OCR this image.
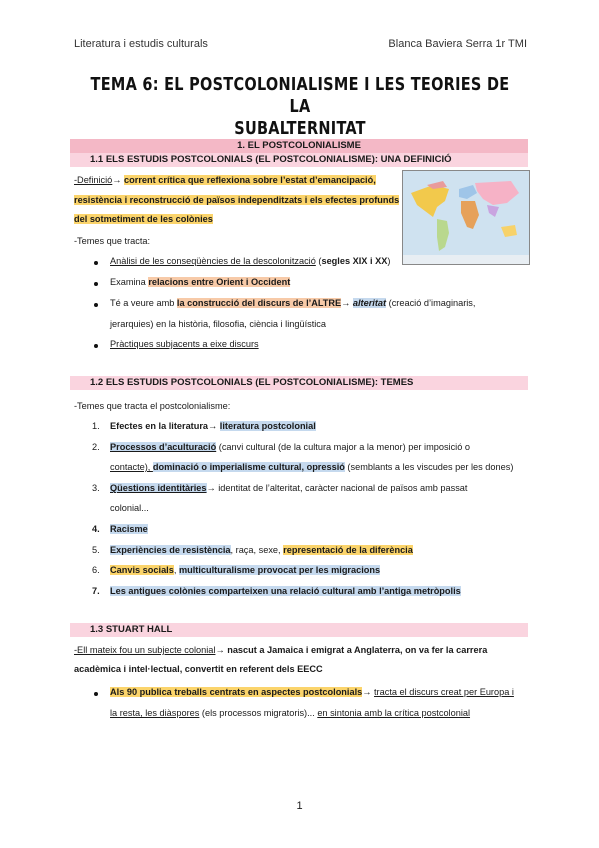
Literatura i estudis culturals	Blanca Baviera Serra 1r TMI
TEMA 6: EL POSTCOLONIALISME I LES TEORIES DE LA
SUBALTERNITAT
1. EL POSTCOLONIALISME
1.1 ELS ESTUDIS POSTCOLONIALS (EL POSTCOLONIALISME): UNA DEFINICIÓ
-Definició→ corrent crítica que reflexiona sobre l’estat d’emancipació,
resistència i reconstrucció de països independitzats i els efectes profunds
del sotmetiment de les colònies
-Temes que tracta:
Anàlisi de les conseqüències de la descolonització (segles XIX i XX)
Examina relacions entre Orient i Occident
Té a veure amb la construcció del discurs de l’ALTRE→ alteritat (creació d’imaginaris,
jerarquies) en la història, filosofia, ciència i lingüística
Pràctiques subjacents a eixe discurs
1.2 ELS ESTUDIS POSTCOLONIALS (EL POSTCOLONIALISME): TEMES
-Temes que tracta el postcolonialisme:
1. Efectes en la literatura→ literatura postcolonial
2. Processos d’aculturació (canvi cultural (de la cultura major a la menor) per imposició o
contacte), dominació o imperialisme cultural, opressió (semblants a les viscudes per les dones)
3. Qüestions identitàries→ identitat de l’alteritat, caràcter nacional de països amb passat
colonial...
4. Racisme
5. Experiències de resistència, raça, sexe, representació de la diferència
6. Canvis socials, multiculturalisme provocat per les migracions
7. Les antigues colònies comparteixen una relació cultural amb l’antiga metròpolis
1.3 STUART HALL
-Ell mateix fou un subjecte colonial→ nascut a Jamaica i emigrat a Anglaterra, on va fer la carrera
acadèmica i intel·lectual, convertit en referent dels EECC
Als 90 publica treballs centrats en aspectes postcolonials→ tracta el discurs creat per Europa i
la resta, les diàspores (els processos migratoris)... en sintonia amb la crítica postcolonial
1
